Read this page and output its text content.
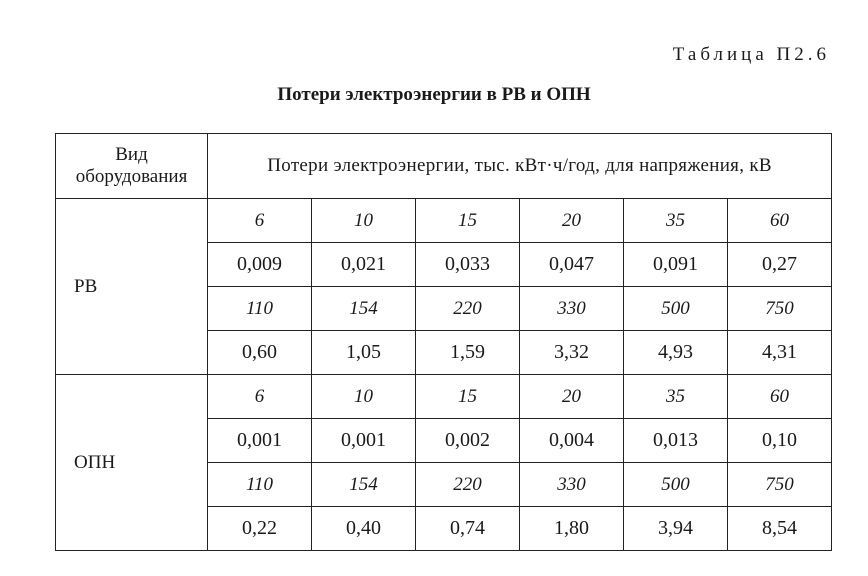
Таблица П2.6
Потери электроэнергии в РВ и ОПН
Вид
оборудования	Потери электроэнергии, тыс. кВт·ч/год, для напряжения, кВ					
РВ	6	10	15	20	35	60
	0,009	0,021	0,033	0,047	0,091	0,27
	110	154	220	330	500	750
	0,60	1,05	1,59	3,32	4,93	4,31
ОПН	6	10	15	20	35	60
	0,001	0,001	0,002	0,004	0,013	0,10
	110	154	220	330	500	750
	0,22	0,40	0,74	1,80	3,94	8,54
